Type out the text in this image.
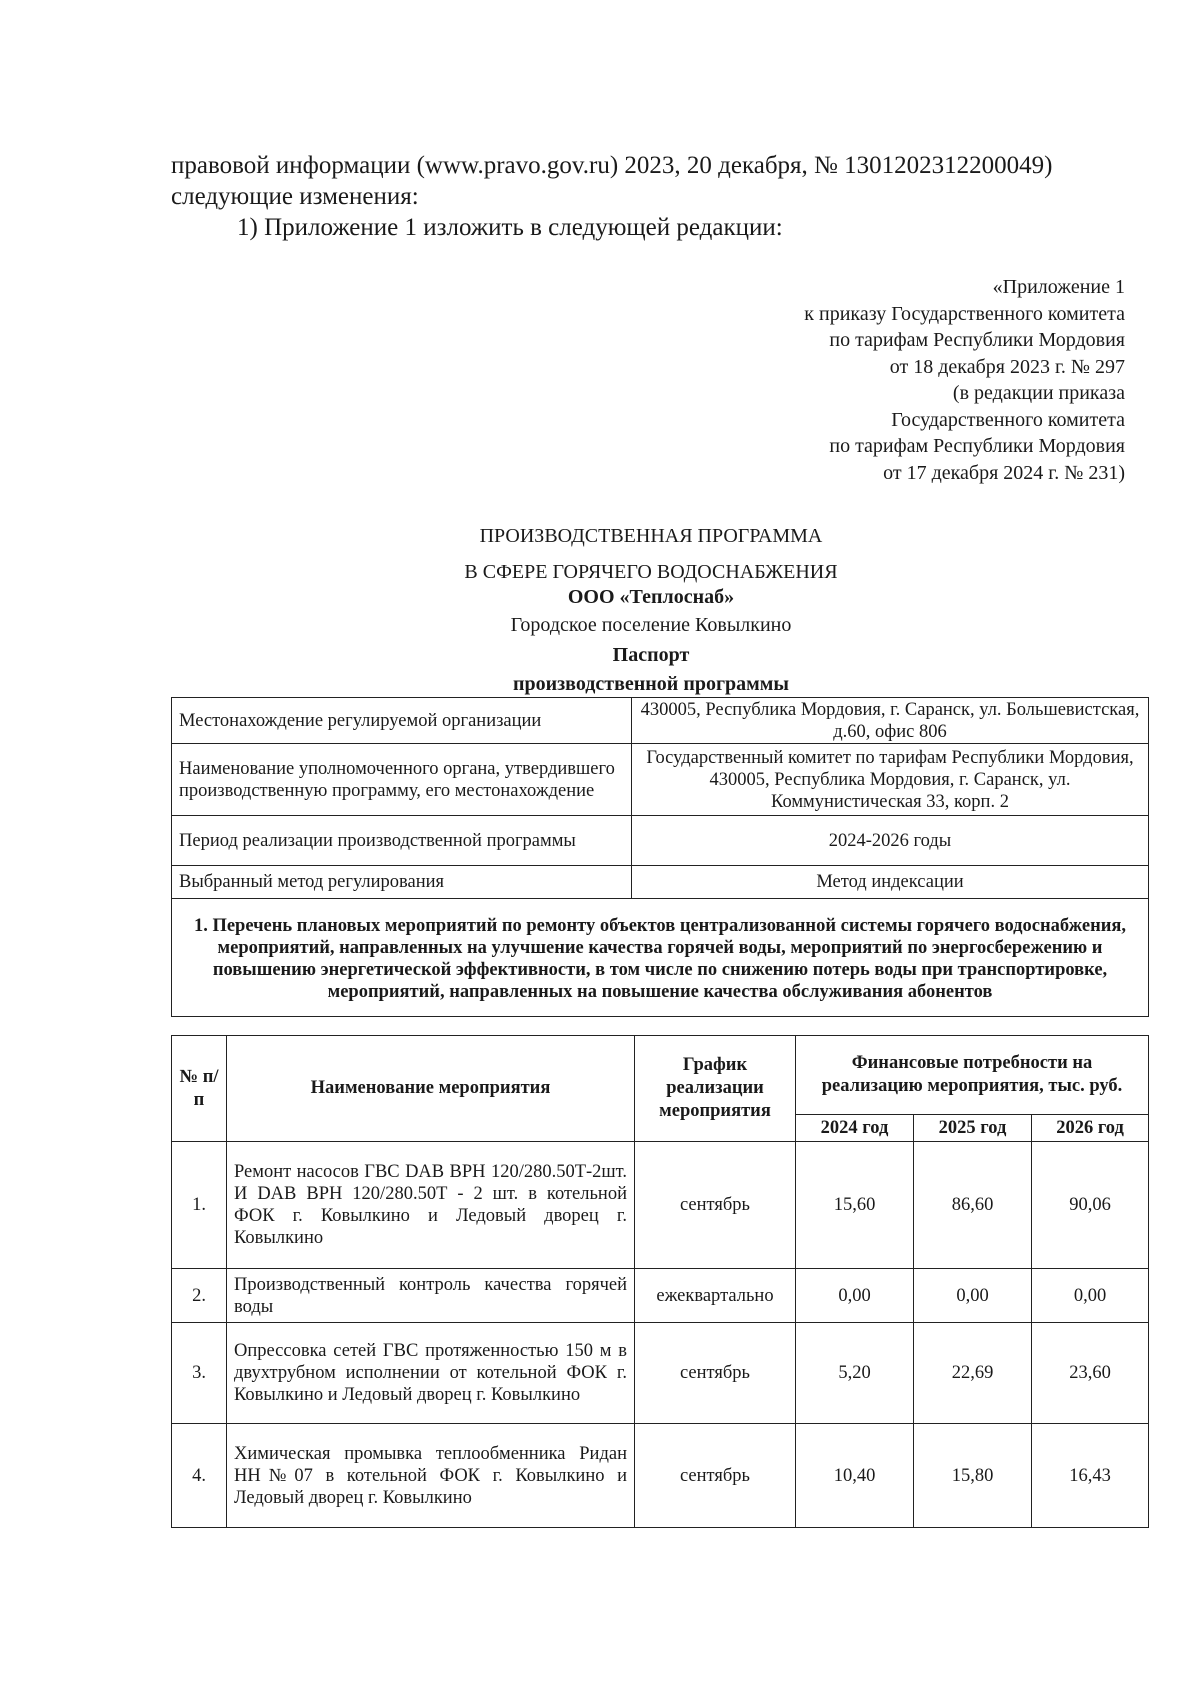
правовой информации (www.pravo.gov.ru) 2023, 20 декабря, № 1301202312200049)
следующие изменения:
1) Приложение 1 изложить в следующей редакции:
«Приложение 1
к приказу Государственного комитета
по тарифам Республики Мордовия
от 18 декабря 2023 г. № 297
(в редакции приказа
Государственного комитета
по тарифам Республики Мордовия
от 17 декабря 2024 г. № 231)
ПРОИЗВОДСТВЕННАЯ ПРОГРАММА
В СФЕРЕ ГОРЯЧЕГО ВОДОСНАБЖЕНИЯ
ООО «Теплоснаб»
Городское поселение Ковылкино
Паспорт
производственной программы
Местонахождение регулируемой организации	430005, Республика Мордовия, г. Саранск, ул. Большевистская, д.60, офис 806
Наименование уполномоченного органа, утвердившего производственную программу, его местонахождение	Государственный комитет по тарифам Республики Мордовия, 430005, Республика Мордовия, г. Саранск, ул. Коммунистическая 33, корп. 2
Период реализации производственной программы	2024-2026 годы
Выбранный метод регулирования	Метод индексации
1. Перечень плановых мероприятий по ремонту объектов централизованной системы горячего водоснабжения, мероприятий, направленных на улучшение качества горячей воды, мероприятий по энергосбережению и повышению энергетической эффективности, в том числе по снижению потерь воды при транспортировке, мероприятий, направленных на повышение качества обслуживания абонентов	
№ п/п	Наименование мероприятия	График реализации мероприятия	Финансовые потребности на реализацию мероприятия, тыс. руб.		
			2024 год	2025 год	2026 год
1.	Ремонт насосов ГВС DAB ВРН 120/280.50Т-2шт. И DAB ВРН 120/280.50Т - 2 шт. в котельной ФОК г. Ковылкино и Ледовый дворец г. Ковылкино	сентябрь	15,60	86,60	90,06
2.	Производственный контроль качества горячей воды	ежеквартально	0,00	0,00	0,00
3.	Опрессовка сетей ГВС протяженностью 150 м в двухтрубном исполнении от котельной ФОК г. Ковылкино и Ледовый дворец г. Ковылкино	сентябрь	5,20	22,69	23,60
4.	Химическая промывка теплообменника Ридан НН№07 в котельной ФОК г. Ковылкино и Ледовый дворец г. Ковылкино	сентябрь	10,40	15,80	16,43
